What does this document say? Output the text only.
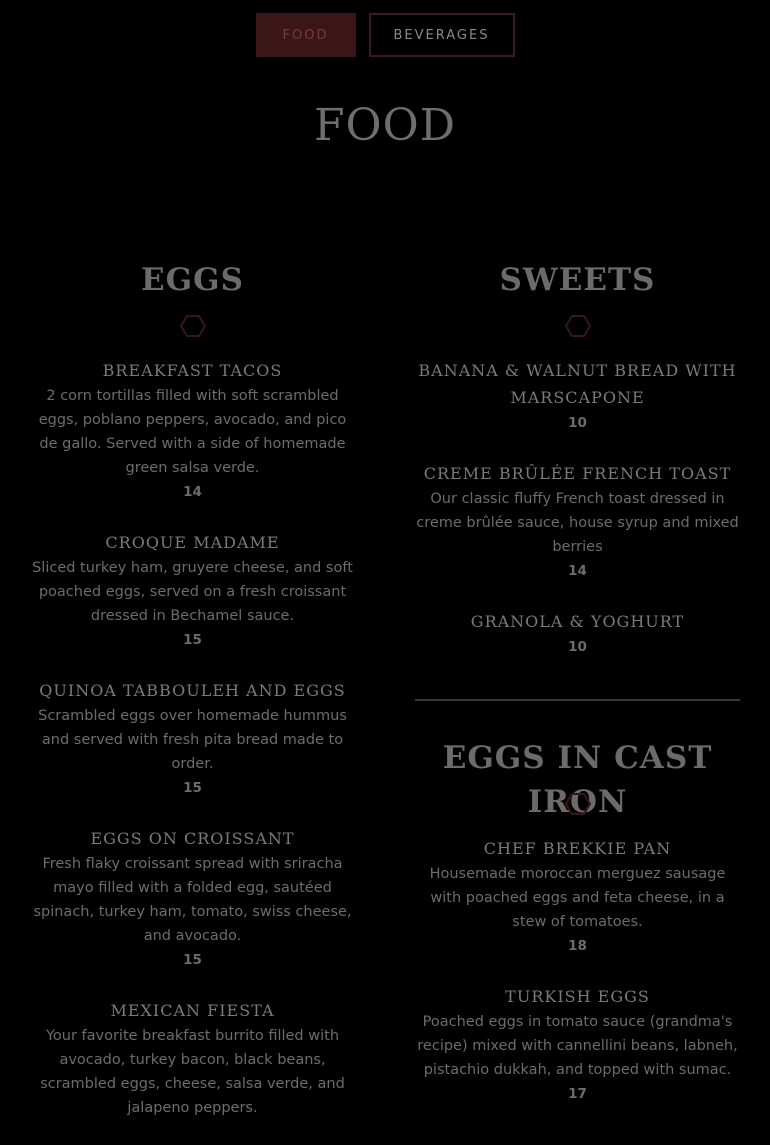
FOOD	BEVERAGES
FOOD
EGGS

BREAKFAST TACOS

2 corn tortillas filled with soft scrambled eggs, poblano peppers, avocado, and pico de gallo. Served with a side of homemade green salsa verde.

14

CROQUE MADAME

Sliced turkey ham, gruyere cheese, and soft poached eggs, served on a fresh croissant dressed in Bechamel sauce.

15

QUINOA TABBOULEH AND EGGS

Scrambled eggs over homemade hummus and served with fresh pita bread made to order.

15

EGGS ON CROISSANT

Fresh flaky croissant spread with sriracha mayo filled with a folded egg, sautéed spinach, turkey ham, tomato, swiss cheese, and avocado.

15

MEXICAN FIESTA

Your favorite breakfast burrito filled with avocado, turkey bacon, black beans, scrambled eggs, cheese, salsa verde, and jalapeno peppers.

SWEETS

BANANA & WALNUT BREAD WITH MARSCAPONE

10

CREME BRÛLÉE FRENCH TOAST

Our classic fluffy French toast dressed in creme brûlée sauce, house syrup and mixed berries

14

GRANOLA & YOGHURT

10

EGGS IN CAST IRON

CHEF BREKKIE PAN

Housemade moroccan merguez sausage with poached eggs and feta cheese, in a stew of tomatoes.

18

TURKISH EGGS

Poached eggs in tomato sauce (grandma's recipe) mixed with cannellini beans, labneh, pistachio dukkah, and topped with sumac.

17
